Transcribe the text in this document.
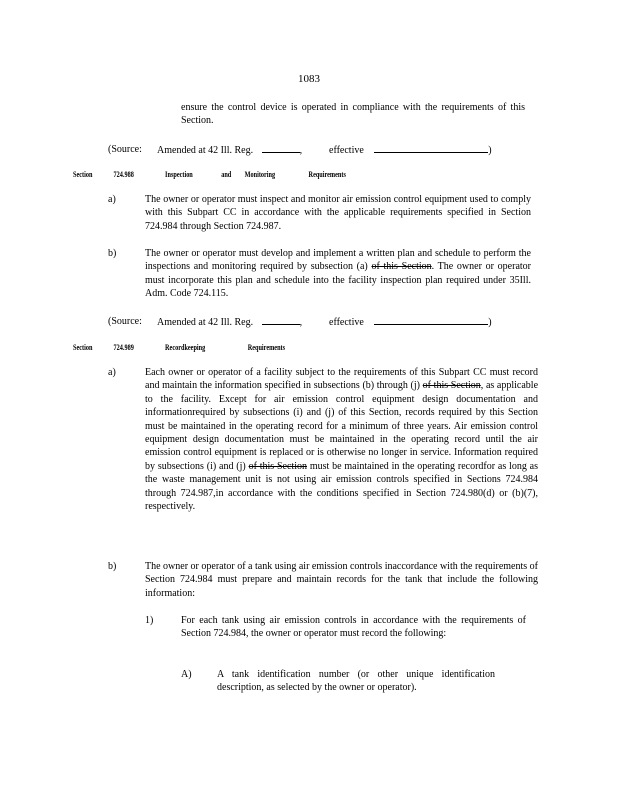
1083
ensure the control device is operated in compliance with the requirements of this Section.
(Source: Amended at 42 Ill. Reg.	,	effective	)
Section	724.988	Inspection	and Monitoring	Requirements
a)	The owner or operator must inspect and monitor air emission control equipment used to comply with this Subpart CC in accordance with the applicable requirements specified in Section 724.984 through Section 724.987.
b)	The owner or operator must develop and implement a written plan and schedule to perform the inspections and monitoring required by subsection (a) of this Section. The owner or operator must incorporate this plan and schedule into the facility inspection plan required under 35Ill. Adm. Code 724.115.
(Source: Amended at 42 Ill. Reg.	,	effective	)
Section	724.989	Recordkeeping	Requirements
a)	Each owner or operator of a facility subject to the requirements of this Subpart CC must record and maintain the information specified in subsections (b) through (j) of this Section, as applicable to the facility. Except for air emission control equipment design documentation and informationrequired by subsections (i) and (j) of this Section, records required by this Section must be maintained in the operating record for a minimum of three years. Air emission control equipment design documentation must be maintained in the operating record until the air emission control equipment is replaced or is otherwise no longer in service. Information required by subsections (i) and (j) of this Section must be maintained in the operating recordfor as long as the waste management unit is not using air emission controls specified in Sections 724.984 through 724.987,in accordance with the conditions specified in Section 724.980(d) or (b)(7), respectively.
b)	The owner or operator of a tank using air emission controls inaccordance with the requirements of Section 724.984 must prepare and maintain records for the tank that include the following information:
1)	For each tank using air emission controls in accordance with the requirements of Section 724.984, the owner or operator must record the following:
A)	A tank identification number (or other unique identification description, as selected by the owner or operator).
